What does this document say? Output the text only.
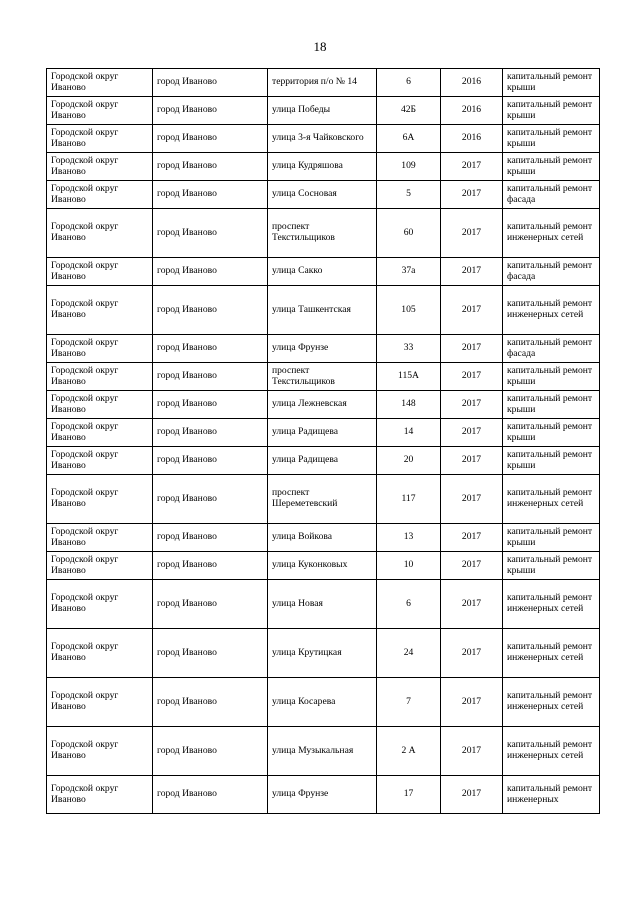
18
Городской округ Иваново	город Иваново	территория п/о № 14	6	2016	капитальный ремонт крыши
Городской округ Иваново	город Иваново	улица Победы	42Б	2016	капитальный ремонт крыши
Городской округ Иваново	город Иваново	улица 3-я Чайковского	6А	2016	капитальный ремонт крыши
Городской округ Иваново	город Иваново	улица Кудряшова	109	2017	капитальный ремонт крыши
Городской округ Иваново	город Иваново	улица Сосновая	5	2017	капитальный ремонт фасада
Городской округ Иваново	город Иваново	проспект Текстильщиков	60	2017	капитальный ремонт инженерных сетей
Городской округ Иваново	город Иваново	улица Сакко	37а	2017	капитальный ремонт фасада
Городской округ Иваново	город Иваново	улица Ташкентская	105	2017	капитальный ремонт инженерных сетей
Городской округ Иваново	город Иваново	улица Фрунзе	33	2017	капитальный ремонт фасада
Городской округ Иваново	город Иваново	проспект Текстильщиков	115А	2017	капитальный ремонт крыши
Городской округ Иваново	город Иваново	улица Лежневская	148	2017	капитальный ремонт крыши
Городской округ Иваново	город Иваново	улица Радищева	14	2017	капитальный ремонт крыши
Городской округ Иваново	город Иваново	улица Радищева	20	2017	капитальный ремонт крыши
Городской округ Иваново	город Иваново	проспект Шереметевский	117	2017	капитальный ремонт инженерных сетей
Городской округ Иваново	город Иваново	улица Войкова	13	2017	капитальный ремонт крыши
Городской округ Иваново	город Иваново	улица Куконковых	10	2017	капитальный ремонт крыши
Городской округ Иваново	город Иваново	улица Новая	6	2017	капитальный ремонт инженерных сетей
Городской округ Иваново	город Иваново	улица Крутицкая	24	2017	капитальный ремонт инженерных сетей
Городской округ Иваново	город Иваново	улица Косарева	7	2017	капитальный ремонт инженерных сетей
Городской округ Иваново	город Иваново	улица Музыкальная	2 А	2017	капитальный ремонт инженерных сетей
Городской округ Иваново	город Иваново	улица Фрунзе	17	2017	капитальный ремонт инженерных
